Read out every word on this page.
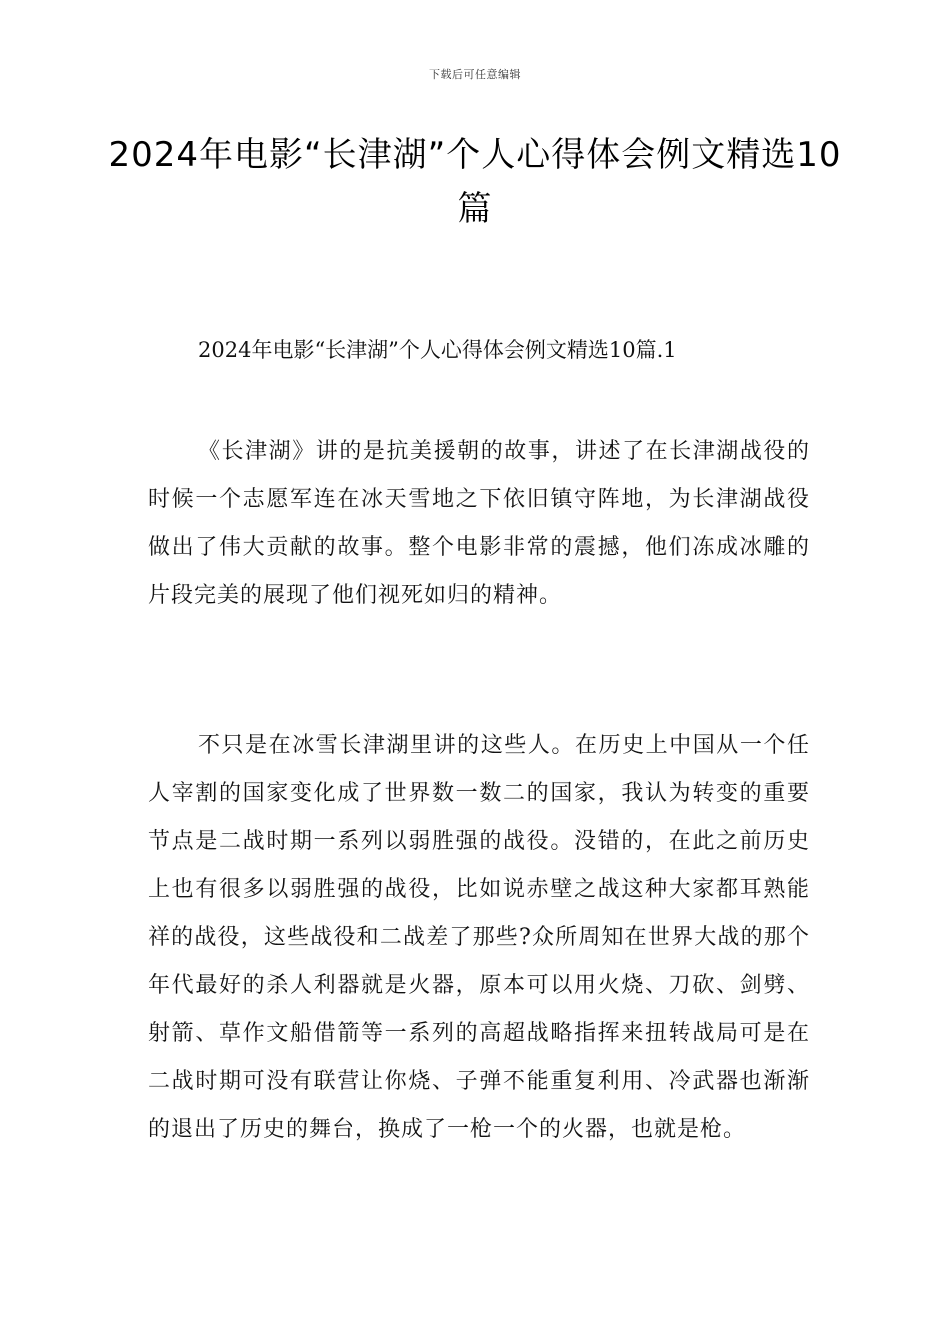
下载后可任意编辑
2024年电影“长津湖”个人心得体会例文精选10篇
2024年电影“长津湖”个人心得体会例文精选10篇.1

《长津湖》讲的是抗美援朝的故事，讲述了在长津湖战役的时候一个志愿军连在冰天雪地之下依旧镇守阵地，为长津湖战役做出了伟大贡献的故事。整个电影非常的震撼，他们冻成冰雕的片段完美的展现了他们视死如归的精神。

不只是在冰雪长津湖里讲的这些人。在历史上中国从一个任人宰割的国家变化成了世界数一数二的国家，我认为转变的重要节点是二战时期一系列以弱胜强的战役。没错的，在此之前历史上也有很多以弱胜强的战役，比如说赤壁之战这种大家都耳熟能祥的战役，这些战役和二战差了那些?众所周知在世界大战的那个年代最好的杀人利器就是火器，原本可以用火烧、刀砍、剑劈、射箭、草作文船借箭等一系列的高超战略指挥来扭转战局可是在二战时期可没有联营让你烧、子弹不能重复利用、冷武器也渐渐的退出了历史的舞台，换成了一枪一个的火器，也就是枪。
